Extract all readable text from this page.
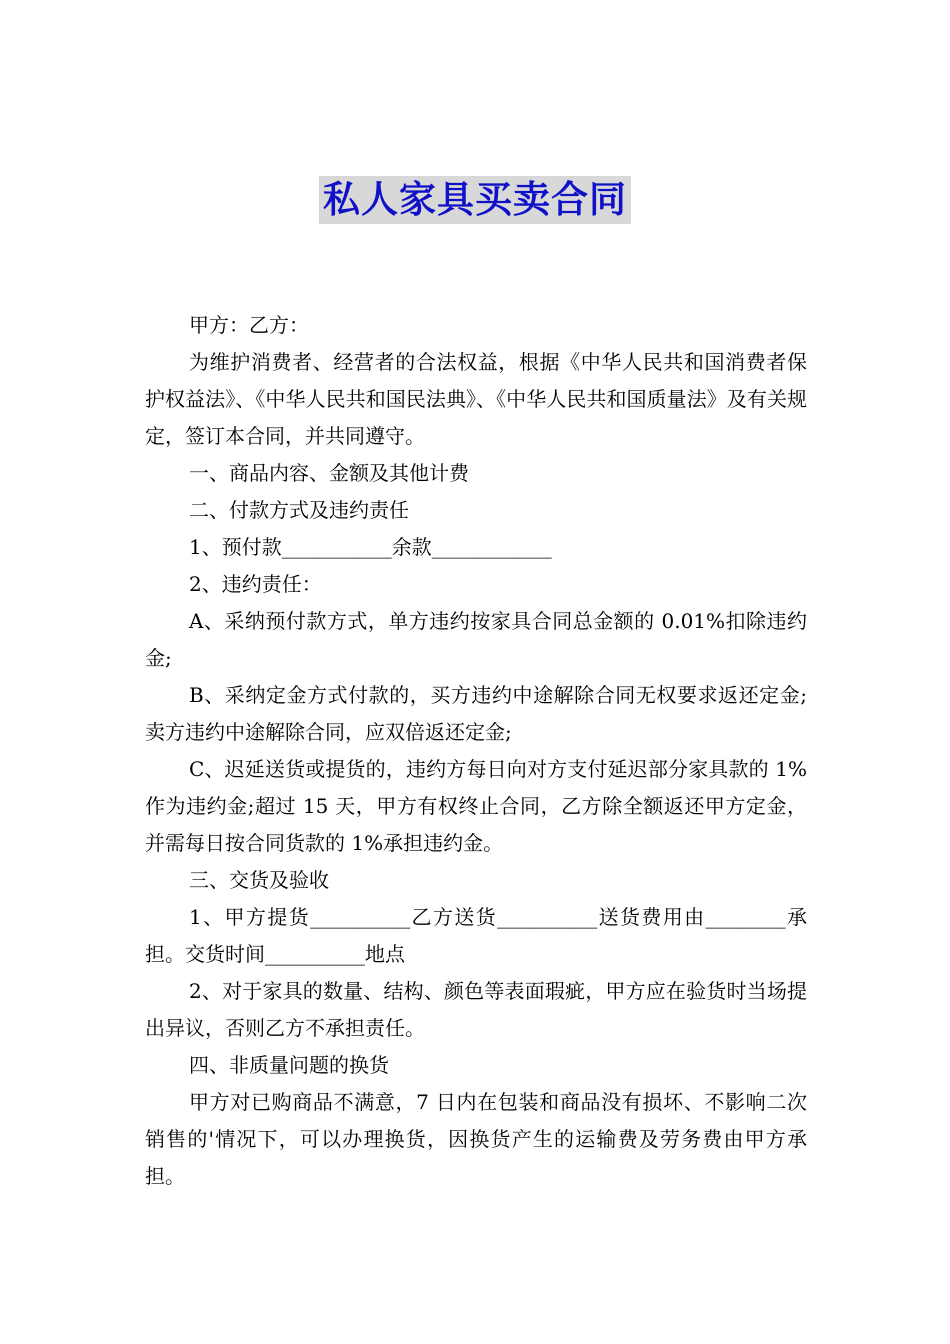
私人家具买卖合同

甲方：乙方：

为维护消费者、经营者的合法权益，根据《中华人民共和国消费者保护权益法》、《中华人民共和国民法典》、《中华人民共和国质量法》及有关规定，签订本合同，并共同遵守。

一、商品内容、金额及其他计费

二、付款方式及违约责任

1、预付款___________余款____________

2、违约责任：

A、采纳预付款方式，单方违约按家具合同总金额的 0.01%扣除违约金;

B、采纳定金方式付款的，买方违约中途解除合同无权要求返还定金;卖方违约中途解除合同，应双倍返还定金;

C、迟延送货或提货的，违约方每日向对方支付延迟部分家具款的 1%作为违约金;超过 15 天，甲方有权终止合同，乙方除全额返还甲方定金，并需每日按合同货款的 1%承担违约金。

三、交货及验收

1、甲方提货__________乙方送货__________送货费用由________承担。交货时间__________地点

2、对于家具的数量、结构、颜色等表面瑕疵，甲方应在验货时当场提出异议，否则乙方不承担责任。

四、非质量问题的换货

甲方对已购商品不满意，7 日内在包装和商品没有损坏、不影响二次销售的'情况下，可以办理换货，因换货产生的运输费及劳务费由甲方承担。
